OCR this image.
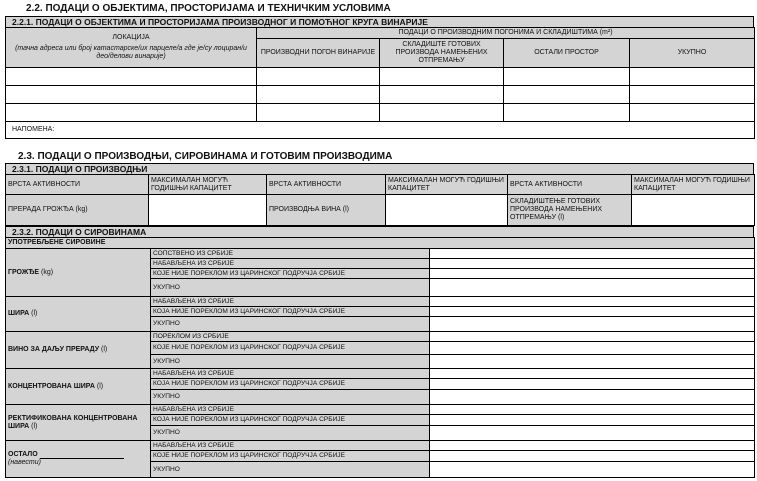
2.2. ПОДАЦИ О ОБЈЕКТИМА, ПРОСТОРИЈАМА И ТЕХНИЧКИМ УСЛОВИМА
2.2.1. ПОДАЦИ О ОБЈЕКТИМА И ПРОСТОРИЈАМА ПРОИЗВОДНОГ И ПОМОЋНОГ КРУГА ВИНАРИЈЕ
ЛОКАЦИЈА
(тачна адреса или број катастарске/их парцеле/а где је/су лоциран/и део/делови винарије)	ПОДАЦИ О ПРОИЗВОДНИМ ПОГОНИМА И СКЛАДИШТИМА (m²)			
	ПРОИЗВОДНИ ПОГОН ВИНАРИЈЕ	СКЛАДИШТЕ ГОТОВИХ ПРОИЗВОДА НАМЕЊЕНИХ ОТПРЕМАЊУ	ОСТАЛИ ПРОСТОР	УКУПНО

НАПОМЕНА:				
2.3. ПОДАЦИ О ПРОИЗВОДЊИ, СИРОВИНАМА И ГОТОВИМ ПРОИЗВОДИМА
2.3.1. ПОДАЦИ О ПРОИЗВОДЊИ
ВРСТА АКТИВНОСТИ	МАКСИМАЛАН МОГУЋ ГОДИШЊИ КАПАЦИТЕТ	ВРСТА АКТИВНОСТИ	МАКСИМАЛАН МОГУЋ ГОДИШЊИ КАПАЦИТЕТ	ВРСТА АКТИВНОСТИ	МАКСИМАЛАН МОГУЋ ГОДИШЊИ КАПАЦИТЕТ
ПРЕРАДА ГРОЖЂА (kg)		ПРОИЗВОДЊА ВИНА (l)		СКЛАДИШТЕЊЕ ГОТОВИХ ПРОИЗВОДА НАМЕЊЕНИХ ОТПРЕМАЊУ (l)	
2.3.2. ПОДАЦИ О СИРОВИНАМА
УПОТРЕБЉЕНЕ СИРОВИНЕ		
ГРОЖЂЕ (kg)	СОПСТВЕНО ИЗ СРБИЈЕ	
	НАБАВЉЕНА ИЗ СРБИЈЕ	
	КОЈЕ НИЈЕ ПОРЕКЛОМ ИЗ ЦАРИНСКОГ ПОДРУЧЈА СРБИЈЕ	
	УКУПНО	
ШИРА (l)	НАБАВЉЕНА ИЗ СРБИЈЕ	
	КОЈА НИЈЕ ПОРЕКЛОМ ИЗ ЦАРИНСКОГ ПОДРУЧЈА СРБИЈЕ	
	УКУПНО	
ВИНО ЗА ДАЉУ ПРЕРАДУ (l)	ПОРЕКЛОМ ИЗ СРБИЈЕ	
	КОЈЕ НИЈЕ ПОРЕКЛОМ ИЗ ЦАРИНСКОГ ПОДРУЧЈА СРБИЈЕ	
	УКУПНО	
КОНЦЕНТРОВАНА ШИРА (l)	НАБАВЉЕНА ИЗ СРБИЈЕ	
	КОЈА НИЈЕ ПОРЕКЛОМ ИЗ ЦАРИНСКОГ ПОДРУЧЈА СРБИЈЕ	
	УКУПНО	
РЕКТИФИКОВАНА КОНЦЕНТРОВАНА ШИРА (l)	НАБАВЉЕНА ИЗ СРБИЈЕ	
	КОЈА НИЈЕ ПОРЕКЛОМ ИЗ ЦАРИНСКОГ ПОДРУЧЈА СРБИЈЕ	
	УКУПНО	

ОСТАЛО
(навести)	НАБАВЉЕНА ИЗ СРБИЈЕ	
	КОЈЕ НИЈЕ ПОРЕКЛОМ ИЗ ЦАРИНСКОГ ПОДРУЧЈА СРБИЈЕ	
	УКУПНО	
